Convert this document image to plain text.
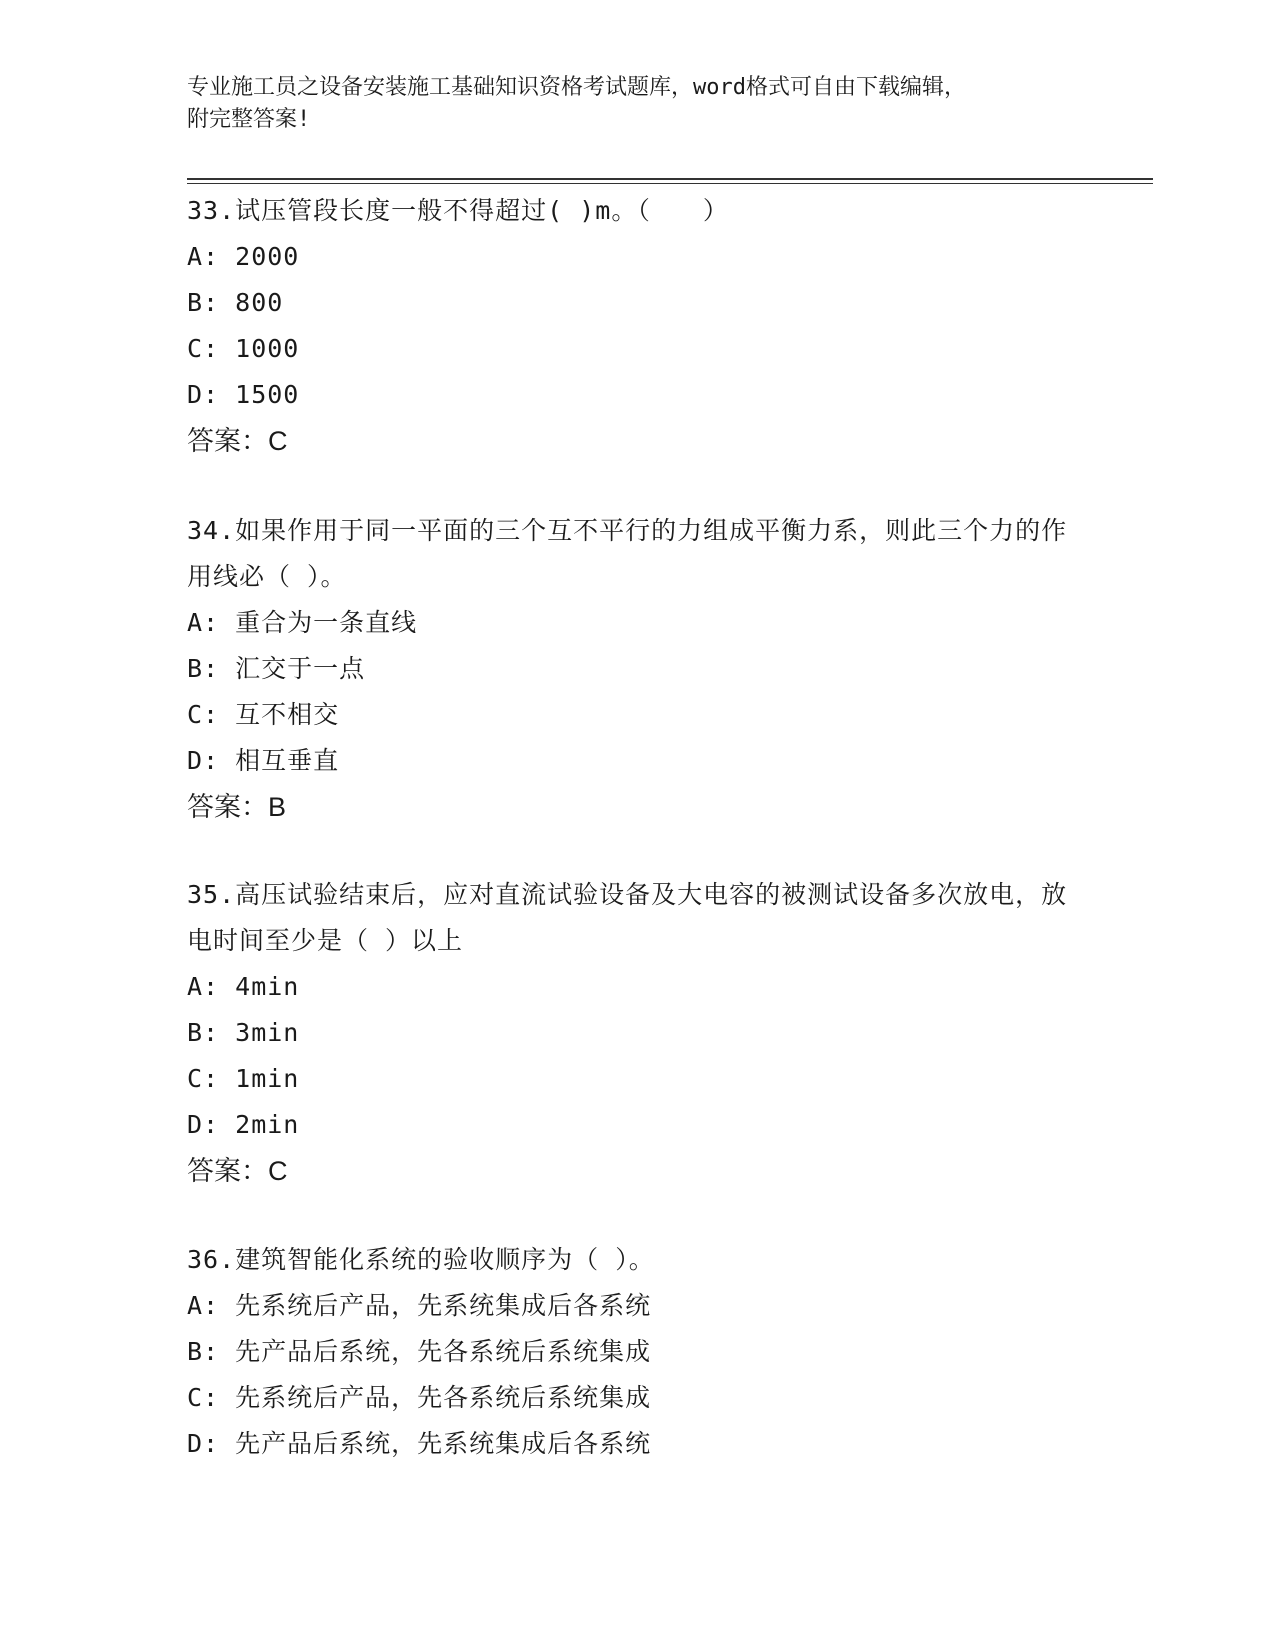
专业施工员之设备安装施工基础知识资格考试题库，word格式可自由下载编辑，
附完整答案!

33.试压管段长度一般不得超过( )m。（　　）

A: 2000

B: 800

C: 1000

D: 1500

答案：C

34.如果作用于同一平面的三个互不平行的力组成平衡力系，则此三个力的作用线必（ ）。

A: 重合为一条直线

B: 汇交于一点

C: 互不相交

D: 相互垂直

答案：B

35.高压试验结束后，应对直流试验设备及大电容的被测试设备多次放电，放电时间至少是（ ）以上

A: 4min

B: 3min

C: 1min

D: 2min

答案：C

36.建筑智能化系统的验收顺序为（ ）。

A: 先系统后产品，先系统集成后各系统

B: 先产品后系统，先各系统后系统集成

C: 先系统后产品，先各系统后系统集成

D: 先产品后系统，先系统集成后各系统
